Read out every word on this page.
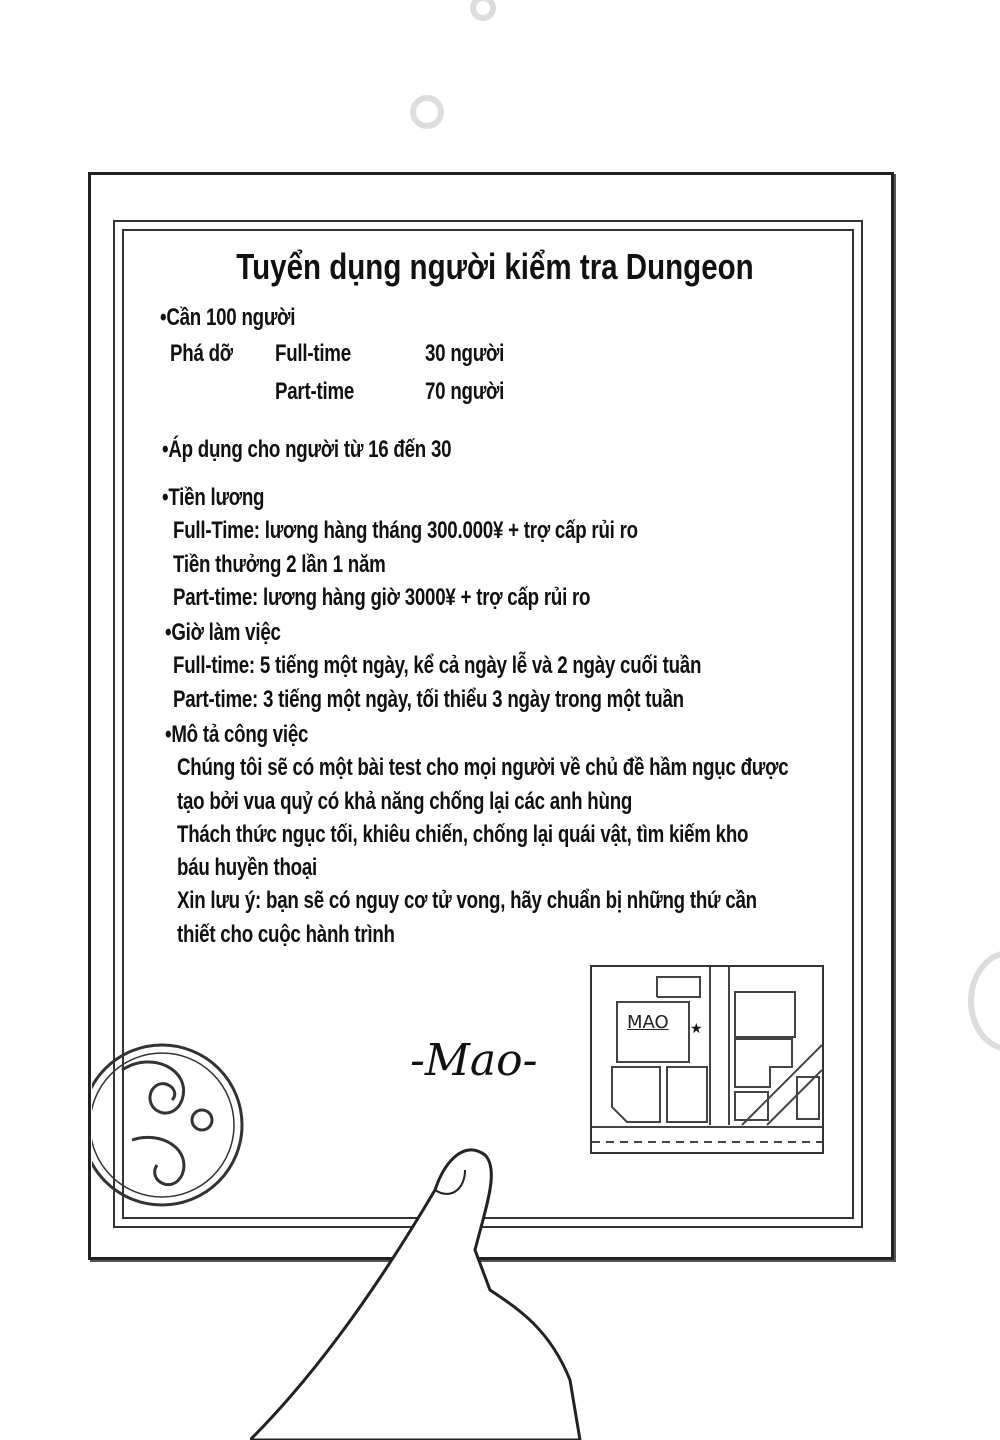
Tuyển dụng người kiểm tra Dungeon
•Cần 100 người
Phá dỡ Full-time	30 người
Part-time	70 người
•Áp dụng cho người từ 16 đến 30
•Tiền lương
Full-Time: lương hàng tháng 300.000¥ + trợ cấp rủi ro
Tiền thưởng 2 lần 1 năm
Part-time: lương hàng giờ 3000¥ + trợ cấp rủi ro
•Giờ làm việc
Full-time: 5 tiếng một ngày, kể cả ngày lễ và 2 ngày cuối tuần
Part-time: 3 tiếng một ngày, tối thiểu 3 ngày trong một tuần
•Mô tả công việc
Chúng tôi sẽ có một bài test cho mọi người về chủ đề hầm ngục được
tạo bởi vua quỷ có khả năng chống lại các anh hùng
Thách thức ngục tối, khiêu chiến, chống lại quái vật, tìm kiếm kho
báu huyền thoại
Xin lưu ý: bạn sẽ có nguy cơ tử vong, hãy chuẩn bị những thứ cần
thiết cho cuộc hành trình
-Mao-
★
MAO
